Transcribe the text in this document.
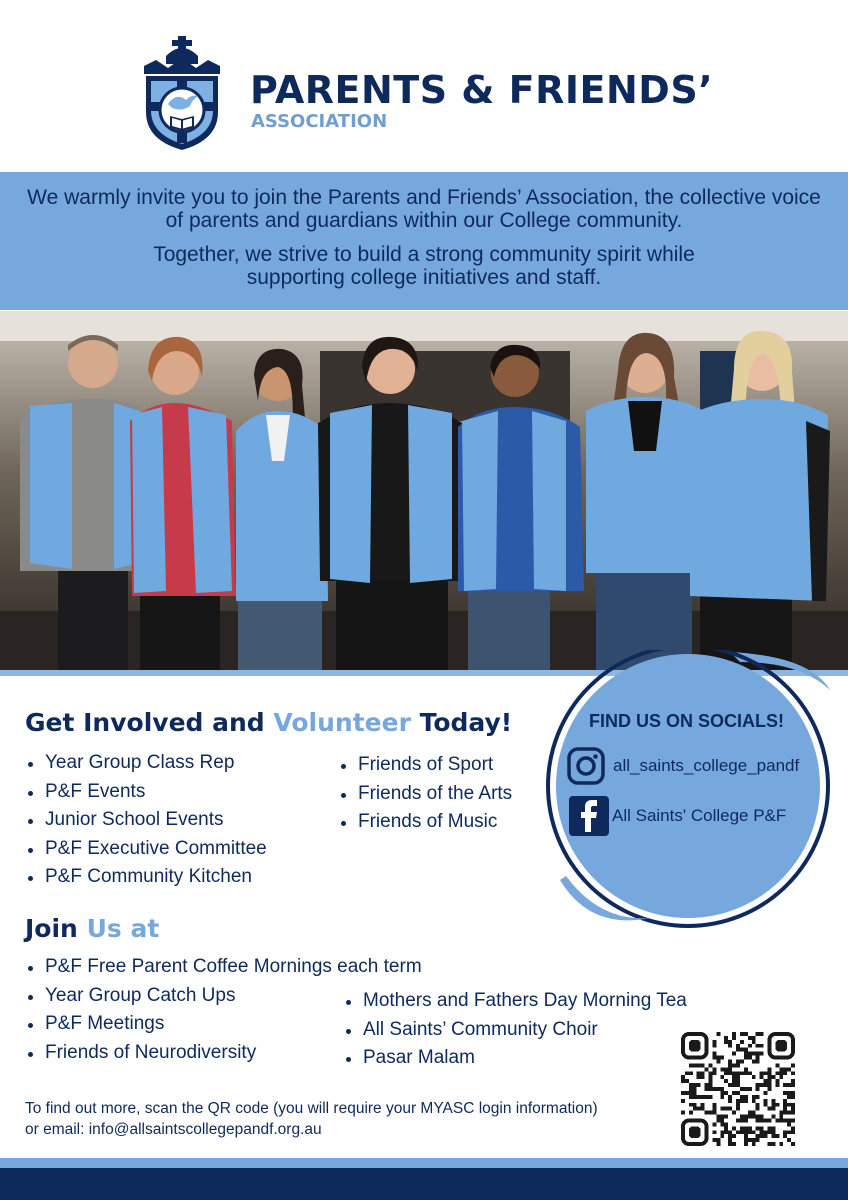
PARENTS & FRIENDS’
ASSOCIATION

We warmly invite you to join the Parents and Friends’ Association, the collective voice of parents and guardians within our College community.

Together, we strive to build a strong community spirit while supporting college initiatives and staff.

FIND US ON SOCIALS!
all_saints_college_pandf
All Saints' College P&F
Get Involved and Volunteer Today!
Year Group Class Rep
P&F Events
Junior School Events
P&F Executive Committee
P&F Community Kitchen
Friends of Sport
Friends of the Arts
Friends of Music
Join Us at
P&F Free Parent Coffee Mornings each term
Year Group Catch Ups
P&F Meetings
Friends of Neurodiversity
Mothers and Fathers Day Morning Tea
All Saints’ Community Choir
Pasar Malam
To find out more, scan the QR code (you will require your MYASC login information)
or email: info@allsaintscollegepandf.org.au
